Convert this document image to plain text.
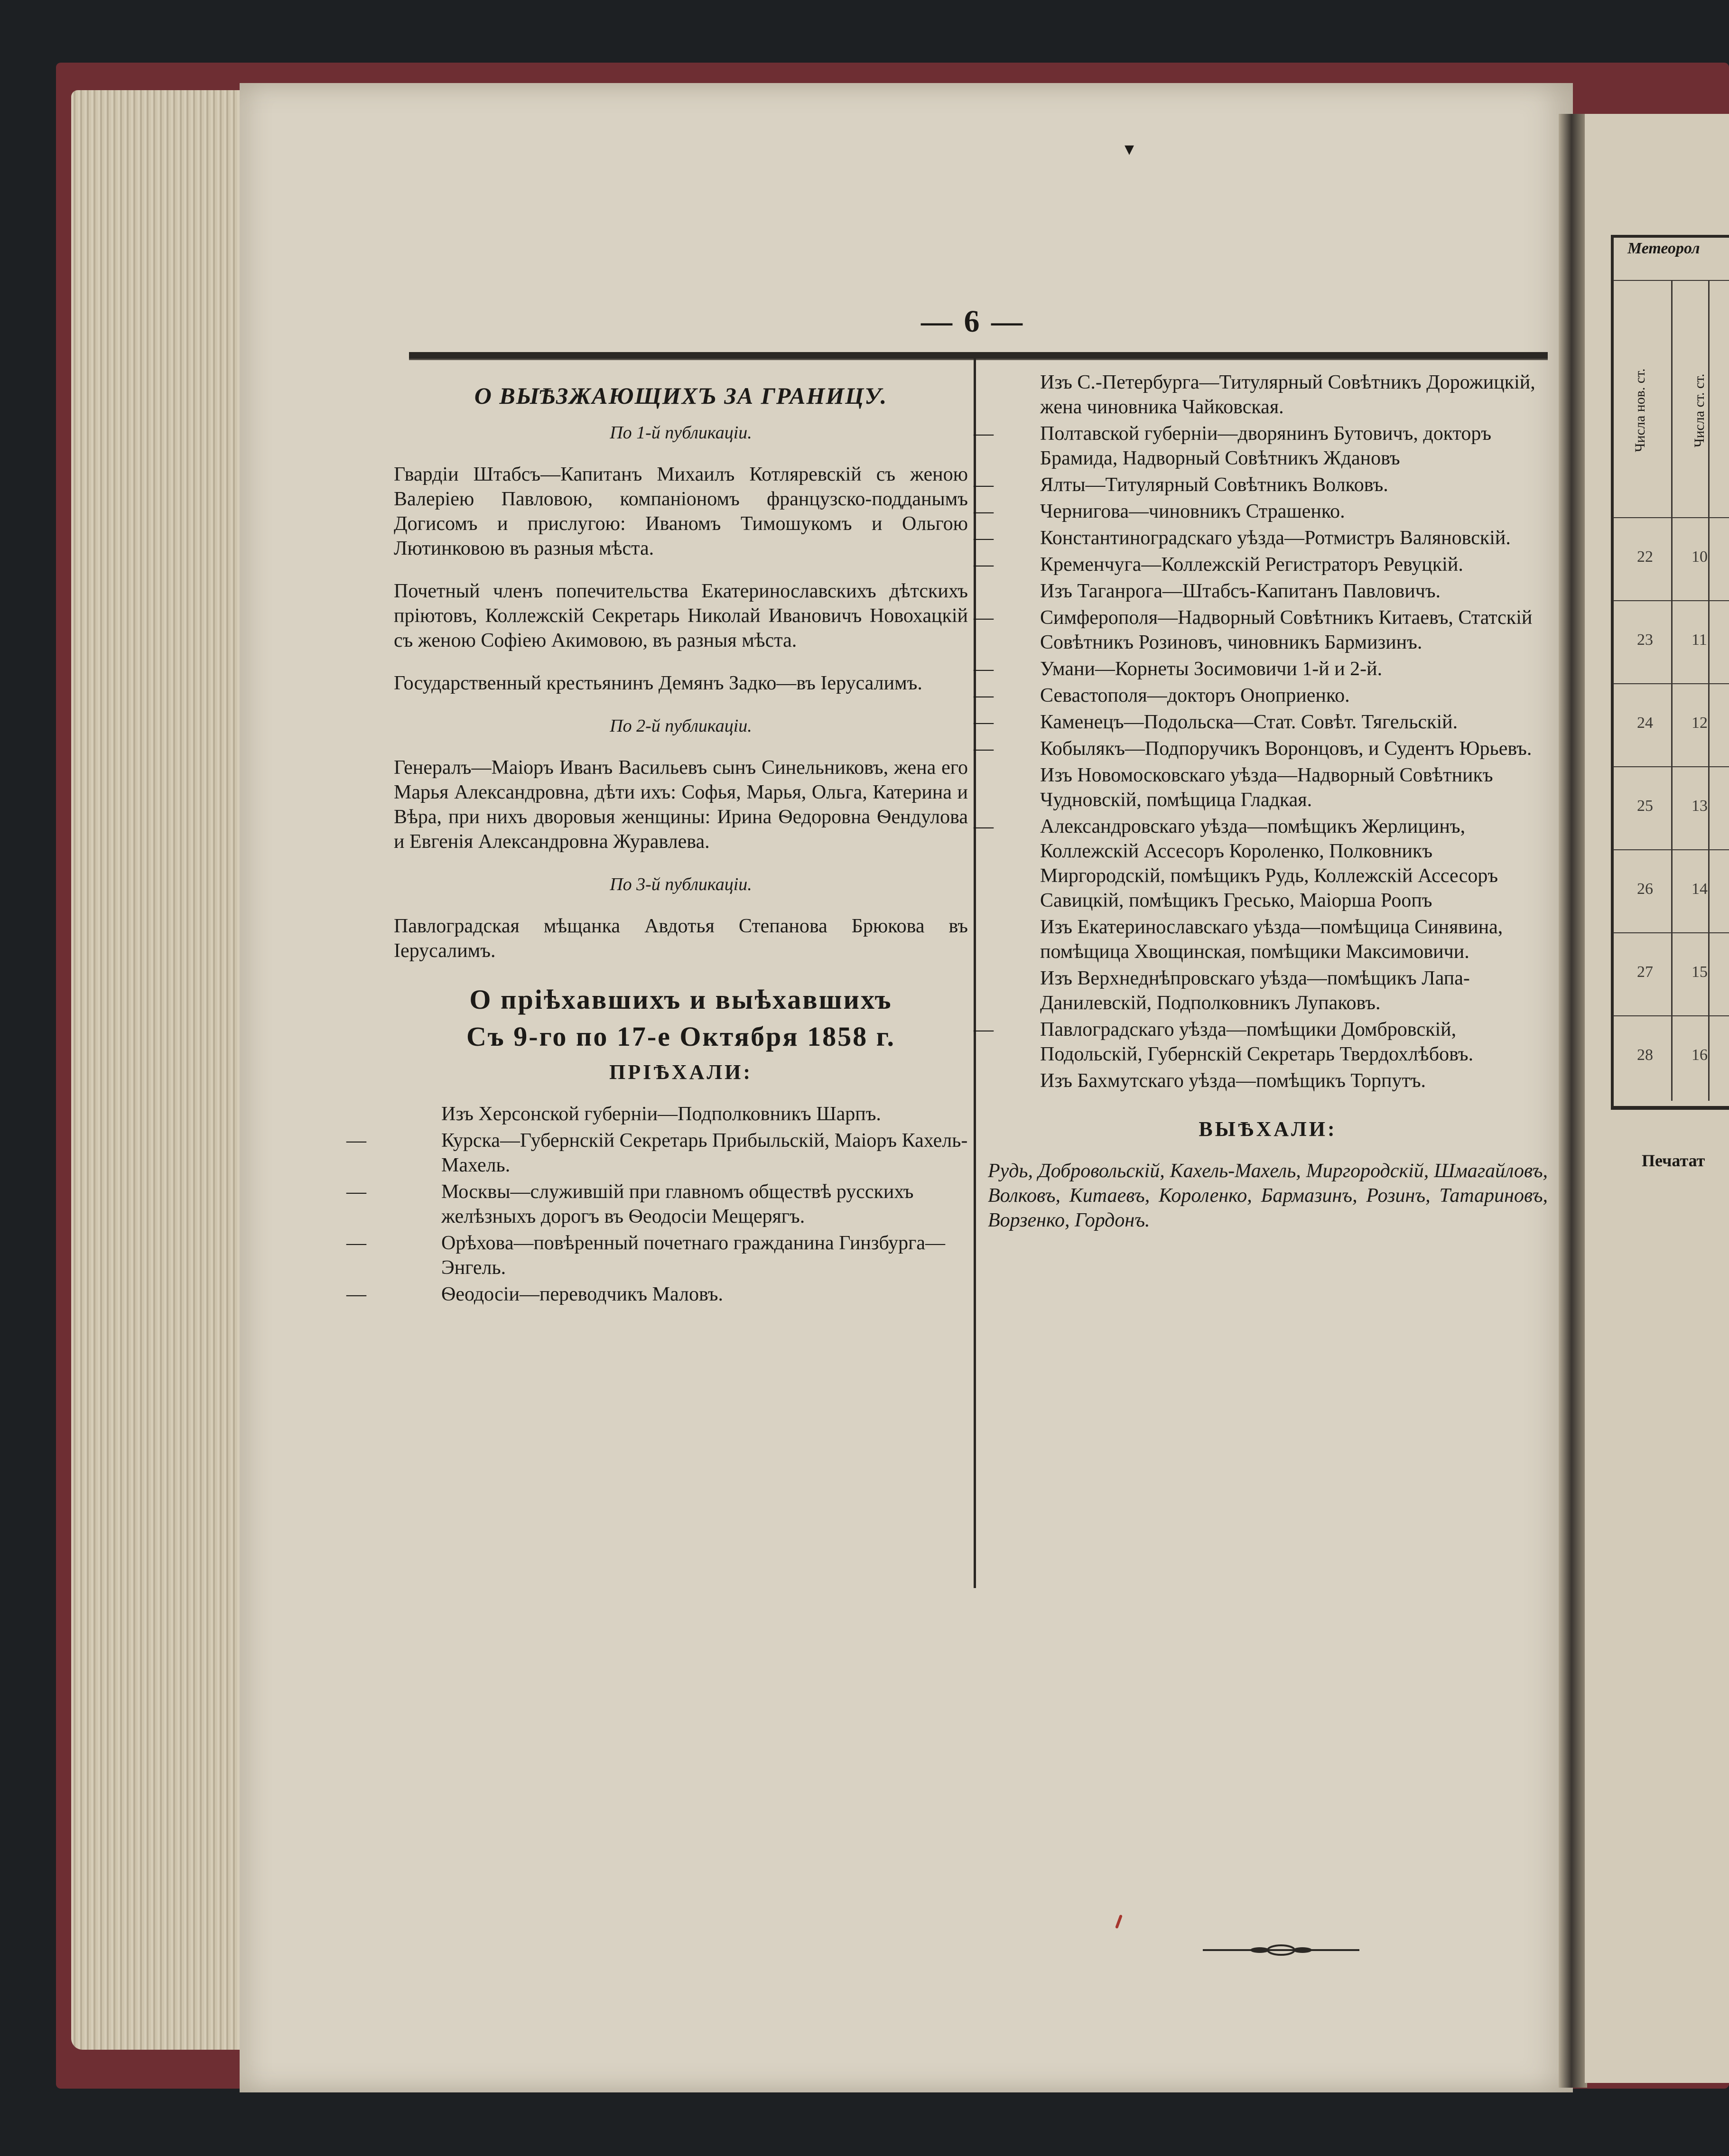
▾
— 6 —
О ВЫѢЗЖАЮЩИХЪ ЗА ГРАНИЦУ.
По 1-й публикаціи.
Гвардіи Штабсъ—Капитанъ Михаилъ Котляревскій съ женою Валеріею Павловою, компаніономъ французско-подданымъ Догисомъ и прислугою: Иваномъ Тимошукомъ и Ольгою Лютинковою въ разныя мѣста.
Почетный членъ попечительства Екатеринославскихъ дѣтскихъ пріютовъ, Коллежскій Секретарь Николай Ивановичъ Новохацкій съ женою Софіею Акимовою, въ разныя мѣста.
Государственный крестьянинъ Демянъ Задко—въ Іерусалимъ.
По 2-й публикаціи.
Генералъ—Маіоръ Иванъ Васильевъ сынъ Синельниковъ, жена его Марья Александровна, дѣти ихъ: Софья, Марья, Ольга, Катерина и Вѣра, при нихъ дворовыя женщины: Ирина Ѳедоровна Ѳендулова и Евгенія Александровна Журавлева.
По 3-й публикаціи.
Павлоградская мѣщанка Авдотья Степанова Брюкова въ Іерусалимъ.
О пріѣхавшихъ и выѣхавшихъ
Съ 9-го по 17-е Октября 1858 г.
ПРІѢХАЛИ:
Изъ Херсонской губерніи—Подполковникъ Шарпъ.
—	Курска—Губернскій Секретарь Прибыльскій, Маіоръ Кахель-Махель.
—	Москвы—служившій при главномъ обществѣ русскихъ желѣзныхъ дорогъ въ Ѳеодосіи Мещерягъ.
—	Орѣхова—повѣренный почетнаго гражданина Гинзбурга—Энгель.
—	Ѳеодосіи—переводчикъ Маловъ.
Изъ С.-Петербурга—Титулярный Совѣтникъ Дорожицкій, жена чиновника Чайковская.
— Полтавской губерніи—дворянинъ Бутовичъ, докторъ Брамида, Надворный Совѣтникъ Ждановъ
— Ялты—Титулярный Совѣтникъ Волковъ.
— Чернигова—чиновникъ Страшенко.
— Константиноградскаго уѣзда—Ротмистръ Валяновскій.
— Кременчуга—Коллежскій Регистраторъ Ревуцкій.
Изъ Таганрога—Штабсъ-Капитанъ Павловичъ.
— Симферополя—Надворный Совѣтникъ Китаевъ, Статскій Совѣтникъ Розиновъ, чиновникъ Бармизинъ.
— Умани—Корнеты Зосимовичи 1-й и 2-й.
— Севастополя—докторъ Оноприенко.
— Каменецъ—Подольска—Стат. Совѣт. Тягельскій.
— Кобылякъ—Подпоручикъ Воронцовъ, и Судентъ Юрьевъ.
Изъ Новомосковскаго уѣзда—Надворный Совѣтникъ Чудновскій, помѣщица Гладкая.
— Александровскаго уѣзда—помѣщикъ Жерлицинъ, Коллежскій Ассесоръ Короленко, Полковникъ Миргородскій, помѣщикъ Рудь, Коллежскій Ассесоръ Савицкій, помѣщикъ Гресько, Маіорша Роопъ
Изъ Екатеринославскаго уѣзда—помѣщица Синявина, помѣщица Хвощинская, помѣщики Максимовичи.
Изъ Верхнеднѣпровскаго уѣзда—помѣщикъ Лапа-Данилевскій, Подполковникъ Лупаковъ.
— Павлоградскаго уѣзда—помѣщики Домбровскій, Подольскій, Губернскій Секретарь Твердохлѣбовъ.
Изъ Бахмутскаго уѣзда—помѣщикъ Торпутъ.
ВЫѢХАЛИ:
Рудь, Добровольскій, Кахель-Махель, Миргородскій, Шмагайловъ, Волковъ, Китаевъ, Короленко, Бармазинъ, Розинъ, Татариновъ, Ворзенко, Гордонъ.
Метеорол
Числа нов. ст.	Числа ст. ст.
22 10
23 11
24 12
25 13
26 14
27 15
28 16
Печатат
